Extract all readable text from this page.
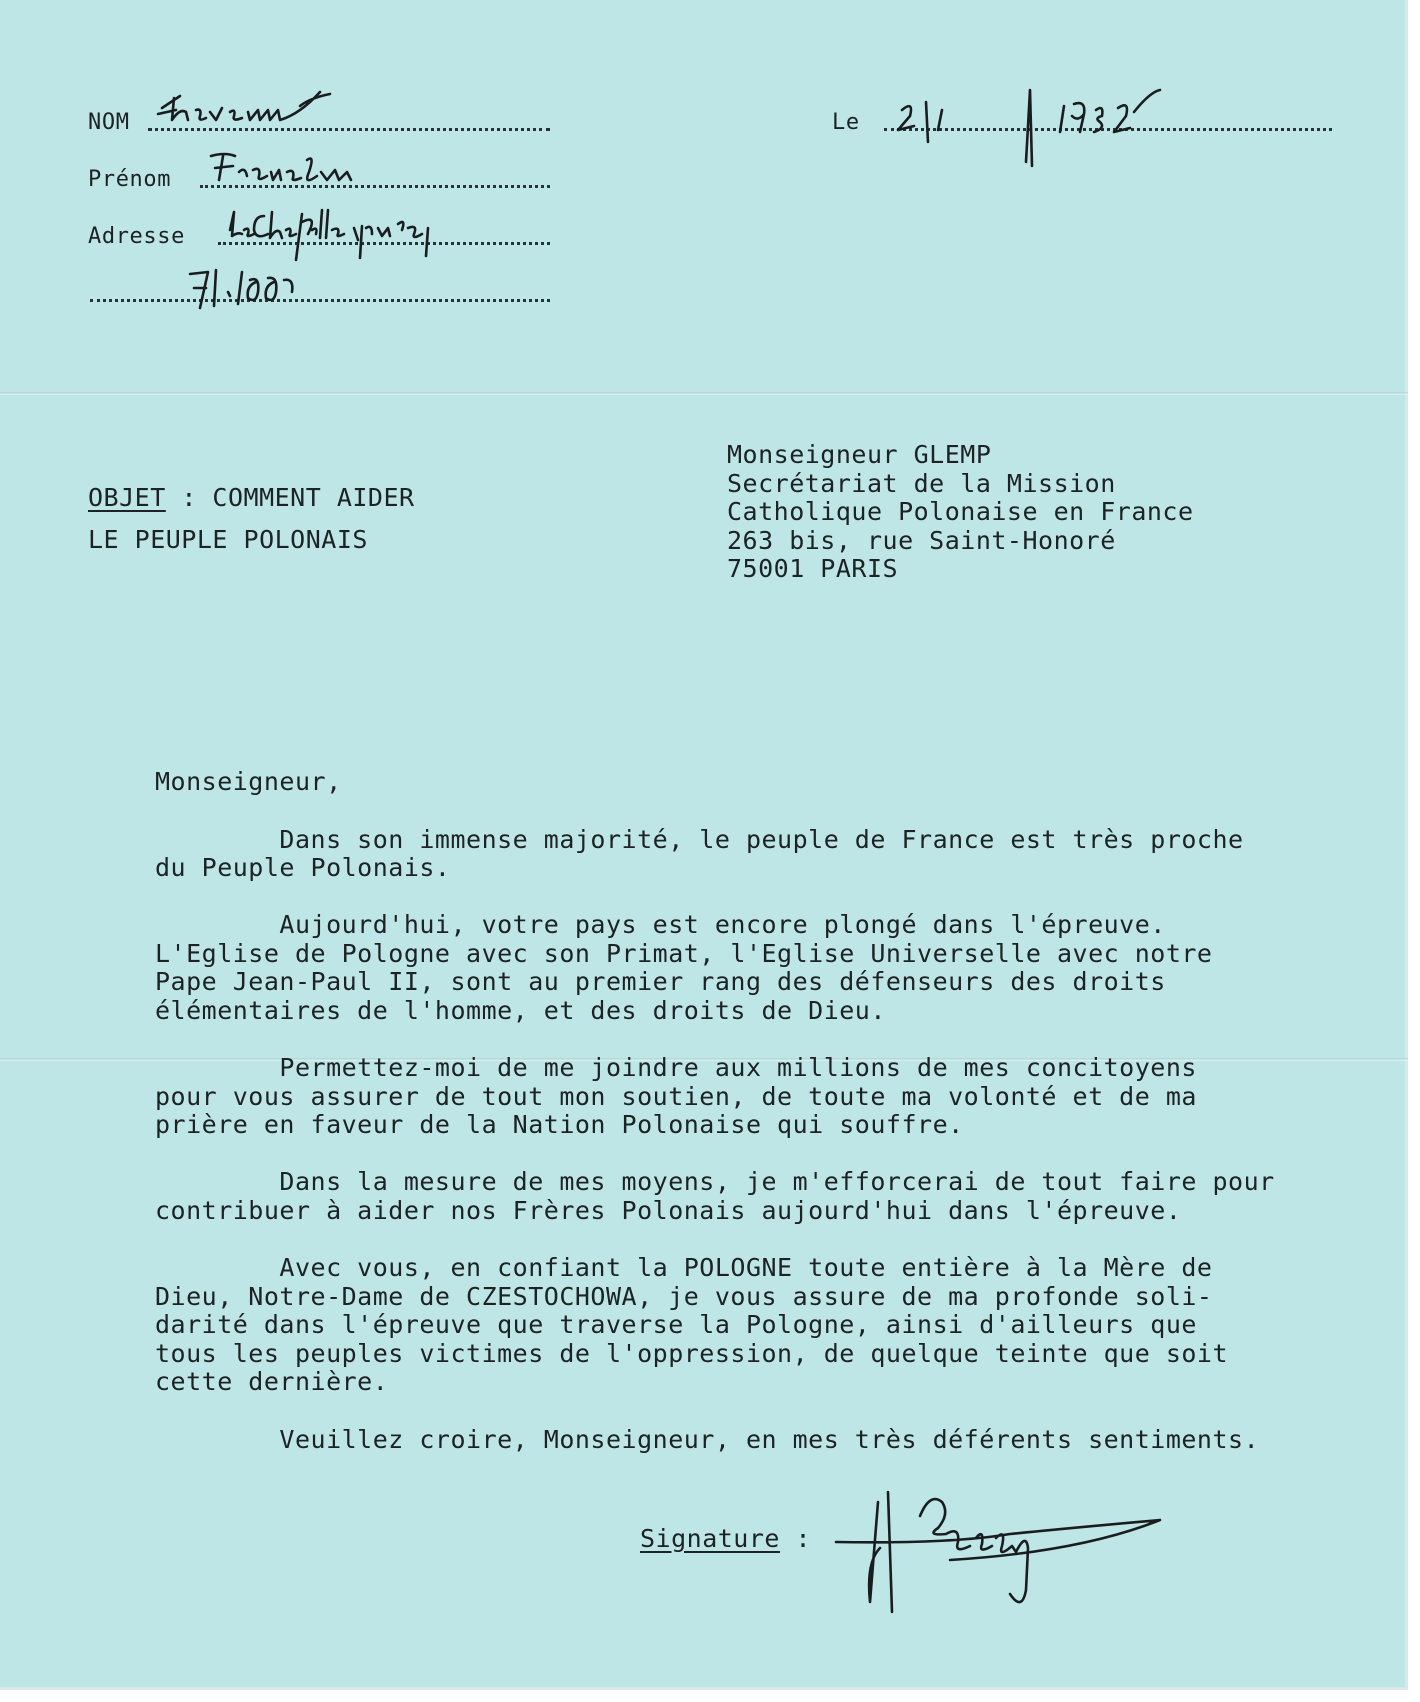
NOM
Prénom
Adresse
Le
OBJET : COMMENT AIDER
LE PEUPLE POLONAIS
Monseigneur GLEMP
Secrétariat de la Mission
Catholique Polonaise en France
263 bis, rue Saint-Honoré
75001 PARIS
Monseigneur,
Dans son immense majorité, le peuple de France est très proche
du Peuple Polonais.
Aujourd'hui, votre pays est encore plongé dans l'épreuve.
L'Eglise de Pologne avec son Primat, l'Eglise Universelle avec notre
Pape Jean-Paul II, sont au premier rang des défenseurs des droits
élémentaires de l'homme, et des droits de Dieu.
Permettez-moi de me joindre aux millions de mes concitoyens
pour vous assurer de tout mon soutien, de toute ma volonté et de ma
prière en faveur de la Nation Polonaise qui souffre.
Dans la mesure de mes moyens, je m'efforcerai de tout faire pour
contribuer à aider nos Frères Polonais aujourd'hui dans l'épreuve.
Avec vous, en confiant la POLOGNE toute entière à la Mère de
Dieu, Notre-Dame de CZESTOCHOWA, je vous assure de ma profonde soli-
darité dans l'épreuve que traverse la Pologne, ainsi d'ailleurs que
tous les peuples victimes de l'oppression, de quelque teinte que soit
cette dernière.
Veuillez croire, Monseigneur, en mes très déférents sentiments.
Signature :
